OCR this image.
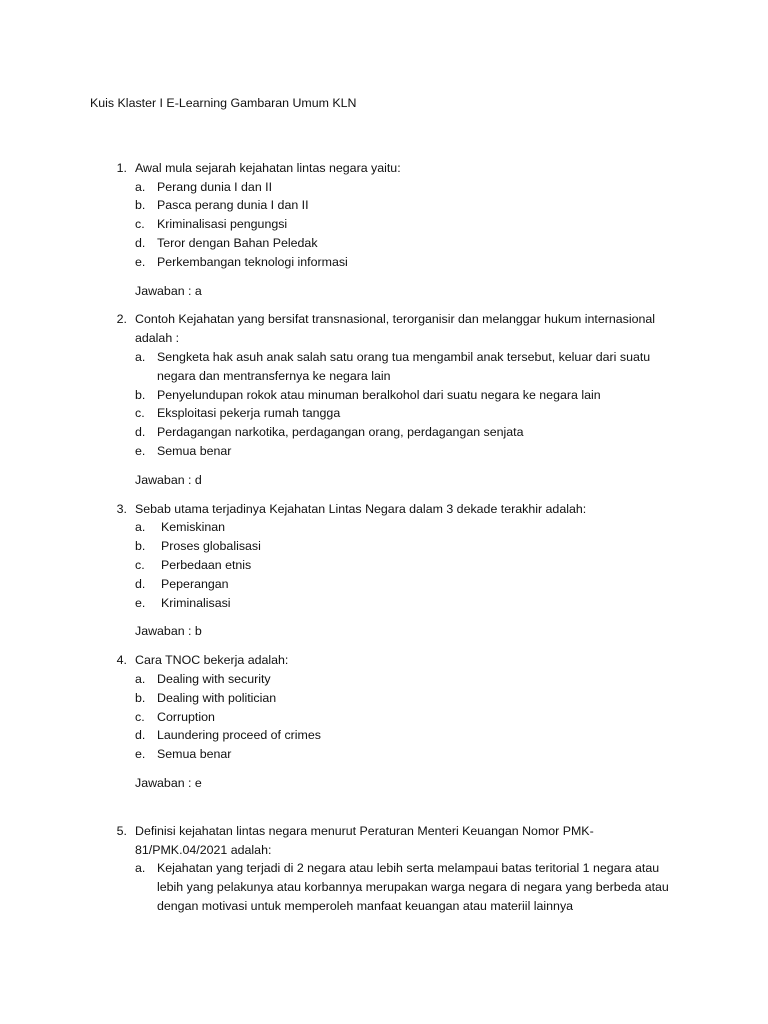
Kuis Klaster I E-Learning Gambaran Umum KLN
1. Awal mula sejarah kejahatan lintas negara yaitu:

a. Perang dunia I dan II
b. Pasca perang dunia I dan II
c. Kriminalisasi pengungsi
d. Teror dengan Bahan Peledak
e. Perkembangan teknologi informasi

Jawaban : a

2. Contoh Kejahatan yang bersifat transnasional, terorganisir dan melanggar hukum internasional adalah :

a. Sengketa hak asuh anak salah satu orang tua mengambil anak tersebut, keluar dari suatu negara dan mentransfernya ke negara lain
b. Penyelundupan rokok atau minuman beralkohol dari suatu negara ke negara lain
c. Eksploitasi pekerja rumah tangga
d. Perdagangan narkotika, perdagangan orang, perdagangan senjata
e. Semua benar

Jawaban : d

3. Sebab utama terjadinya Kejahatan Lintas Negara dalam 3 dekade terakhir adalah:

a.	Kemiskinan
b.	Proses globalisasi
c.	Perbedaan etnis
d.	Peperangan
e.	Kriminalisasi

Jawaban : b

4. Cara TNOC bekerja adalah:

a. Dealing with security
b. Dealing with politician
c. Corruption
d. Laundering proceed of crimes
e. Semua benar

Jawaban : e

5. Definisi kejahatan lintas negara menurut Peraturan Menteri Keuangan Nomor PMK-81/PMK.04/2021 adalah:

a. Kejahatan yang terjadi di 2 negara atau lebih serta melampaui batas teritorial 1 negara atau lebih yang pelakunya atau korbannya merupakan warga negara di negara yang berbeda atau dengan motivasi untuk memperoleh manfaat keuangan atau materiil lainnya
